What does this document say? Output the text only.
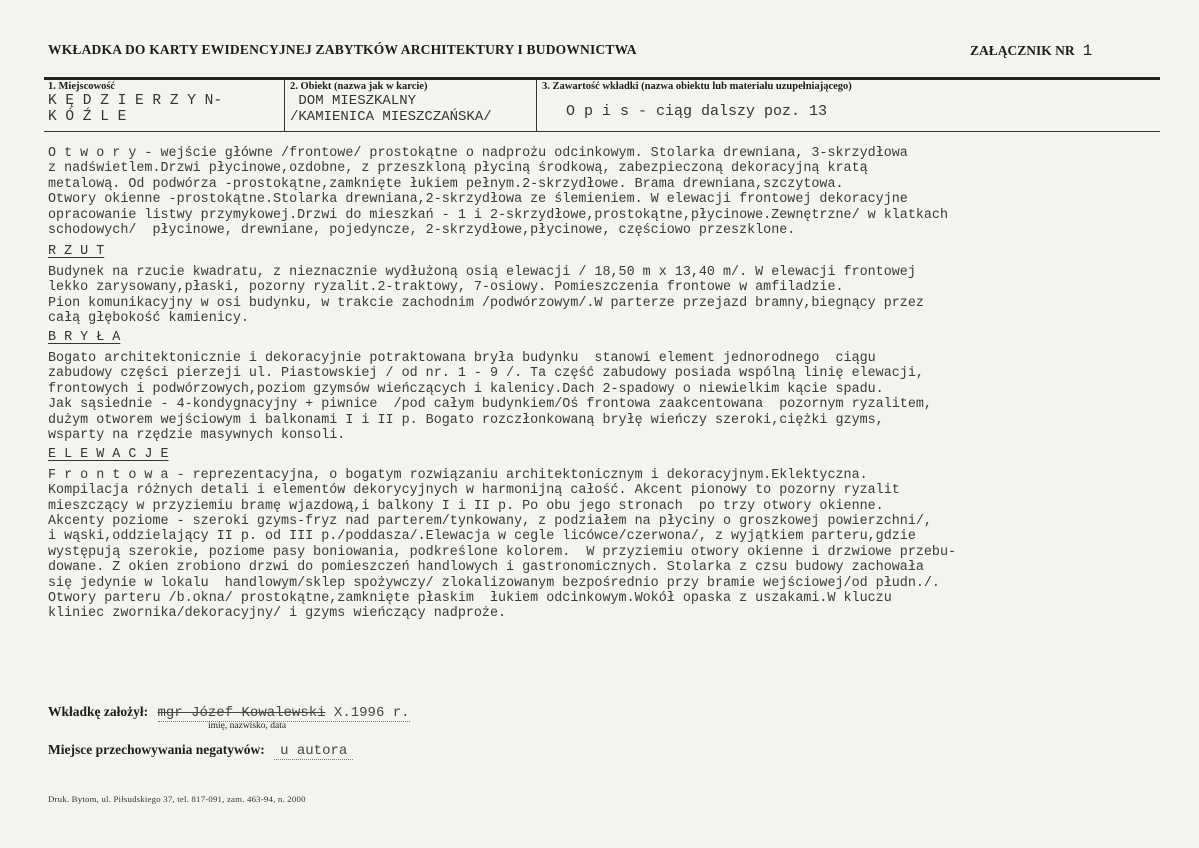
WKŁADKA DO KARTY EWIDENCYJNEJ ZABYTKÓW ARCHITEKTURY I BUDOWNICTWA	ZAŁĄCZNIK NR 1
1. Miejscowość
K Ę D Z I E R Z Y N-
K Ó Ź L E
2. Obiekt (nazwa jak w karcie)
DOM MIESZKALNY
/KAMIENICA MIESZCZAŃSKA/
3. Zawartość wkładki (nazwa obiektu lub materiału uzupełniającego)
O p i s - ciąg dalszy poz. 13

O t w o r y - wejście główne /frontowe/ prostokątne o nadprożu odcinkowym. Stolarka drewniana, 3-skrzydłowa

z nadświetlem.Drzwi płycinowe,ozdobne, z przeszkloną płyciną środkową, zabezpieczoną dekoracyjną kratą

metalową. Od podwórza -prostokątne,zamknięte łukiem pełnym.2-skrzydłowe. Brama drewniana,szczytowa.

Otwory okienne -prostokątne.Stolarka drewniana,2-skrzydłowa ze ślemieniem. W elewacji frontowej dekoracyjne

opracowanie listwy przymykowej.Drzwi do mieszkań - 1 i 2-skrzydłowe,prostokątne,płycinowe.Zewnętrzne/ w klatkach

schodowych/  płycinowe, drewniane, pojedyncze, 2-skrzydłowe,płycinowe, częściowo przeszklone.

R Z U T

Budynek na rzucie kwadratu, z nieznacznie wydłużoną osią elewacji / 18,50 m x 13,40 m/. W elewacji frontowej

lekko zarysowany,płaski, pozorny ryzalit.2-traktowy, 7-osiowy. Pomieszczenia frontowe w amfiladzie.

Pion komunikacyjny w osi budynku, w trakcie zachodnim /podwórzowym/.W parterze przejazd bramny,biegnący przez

całą głębokość kamienicy.

B R Y Ł A

Bogato architektonicznie i dekoracyjnie potraktowana bryła budynku  stanowi element jednorodnego  ciągu

zabudowy części pierzeji ul. Piastowskiej / od nr. 1 - 9 /. Ta część zabudowy posiada wspólną linię elewacji,

frontowych i podwórzowych,poziom gzymsów wieńczących i kalenicy.Dach 2-spadowy o niewielkim kącie spadu.

Jak sąsiednie - 4-kondygnacyjny + piwnice  /pod całym budynkiem/Oś frontowa zaakcentowana  pozornym ryzalitem,

dużym otworem wejściowym i balkonami I i II p. Bogato rozczłonkowaną bryłę wieńczy szeroki,ciężki gzyms,

wsparty na rzędzie masywnych konsoli.

E L E W A C J E

F r o n t o w a - reprezentacyjna, o bogatym rozwiązaniu architektonicznym i dekoracyjnym.Eklektyczna.

Kompilacja różnych detali i elementów dekorycyjnych w harmonijną całość. Akcent pionowy to pozorny ryzalit

mieszczący w przyziemiu bramę wjazdową,i balkony I i II p. Po obu jego stronach  po trzy otwory okienne.

Akcenty poziome - szeroki gzyms-fryz nad parterem/tynkowany, z podziałem na płyciny o groszkowej powierzchni/,

i wąski,oddzielający II p. od III p./poddasza/.Elewacja w cegle licówce/czerwona/, z wyjątkiem parteru,gdzie

występują szerokie, poziome pasy boniowania, podkreślone kolorem.  W przyziemiu otwory okienne i drzwiowe przebu-

dowane. Z okien zrobiono drzwi do pomieszczeń handlowych i gastronomicznych. Stolarka z czsu budowy zachowała

się jedynie w lokalu  handlowym/sklep spożywczy/ zlokalizowanym bezpośrednio przy bramie wejściowej/od płudn./.

Otwory parteru /b.okna/ prostokątne,zamknięte płaskim  łukiem odcinkowym.Wokół opaska z uszakami.W kluczu

kliniec zwornika/dekoracyjny/ i gzyms wieńczący nadproże.

Wkładkę założył: mgr Józef Kowalewski X.1996 r.
imię, nazwisko, data
Miejsce przechowywania negatywów: u autora
Druk. Bytom, ul. Piłsudskiego 37, tel. 817-091, zam. 463-94, n. 2000
